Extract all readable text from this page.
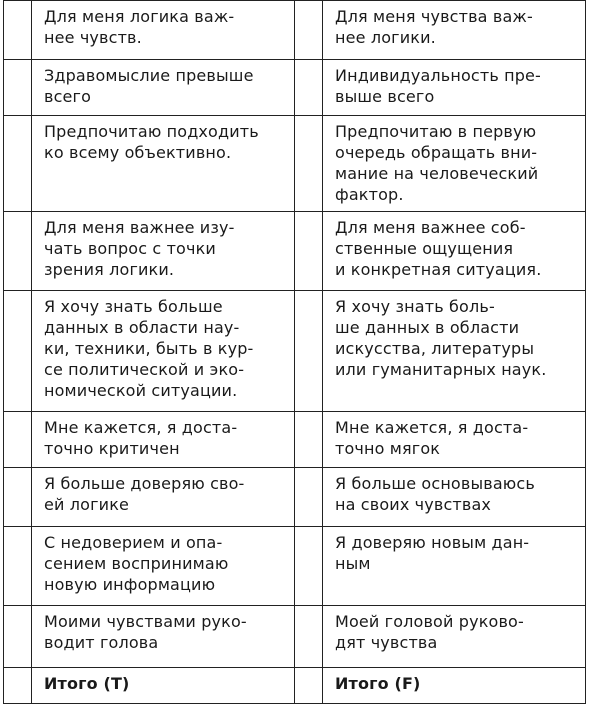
	Для меня логика важ-
нее чувств.		Для меня чувства важ-
нее логики.
	Здравомыслие превыше
всего		Индивидуальность пре-
выше всего
	Предпочитаю подходить
ко всему объективно.		Предпочитаю в первую
очередь обращать вни-
мание на человеческий
фактор.
	Для меня важнее изу-
чать вопрос с точки
зрения логики.		Для меня важнее соб-
ственные ощущения
и конкретная ситуация.
	Я хочу знать больше
данных в области нау-
ки, техники, быть в кур-
се политической и эко-
номической ситуации.		Я хочу знать боль-
ше данных в области
искусства, литературы
или гуманитарных наук.
	Мне кажется, я доста-
точно критичен		Мне кажется, я доста-
точно мягок
	Я больше доверяю сво-
ей логике		Я больше основываюсь
на своих чувствах
	С недоверием и опа-
сением воспринимаю
новую информацию		Я доверяю новым дан-
ным
	Моими чувствами руко-
водит голова		Моей головой руково-
дят чувства
	Итого (T)		Итого (F)
